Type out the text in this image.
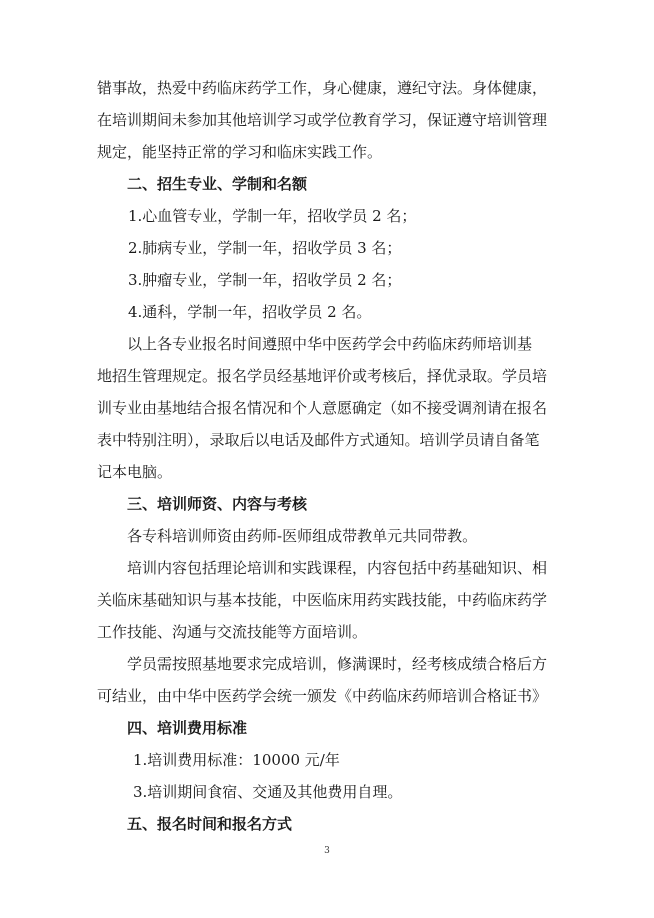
错事故，热爱中药临床药学工作，身心健康，遵纪守法。身体健康，

在培训期间未参加其他培训学习或学位教育学习，保证遵守培训管理

规定，能坚持正常的学习和临床实践工作。

二、招生专业、学制和名额

1.心血管专业，学制一年，招收学员 2 名；

2.肺病专业，学制一年，招收学员 3 名；

3.肿瘤专业，学制一年，招收学员 2 名；

4.通科，学制一年，招收学员 2 名。

以上各专业报名时间遵照中华中医药学会中药临床药师培训基

地招生管理规定。报名学员经基地评价或考核后，择优录取。学员培

训专业由基地结合报名情况和个人意愿确定（如不接受调剂请在报名

表中特别注明），录取后以电话及邮件方式通知。培训学员请自备笔

记本电脑。

三、培训师资、内容与考核

各专科培训师资由药师-医师组成带教单元共同带教。

培训内容包括理论培训和实践课程，内容包括中药基础知识、相

关临床基础知识与基本技能，中医临床用药实践技能，中药临床药学

工作技能、沟通与交流技能等方面培训。

学员需按照基地要求完成培训，修满课时，经考核成绩合格后方

可结业，由中华中医药学会统一颁发《中药临床药师培训合格证书》

四、培训费用标准

1.培训费用标准：10000 元/年

3.培训期间食宿、交通及其他费用自理。

五、报名时间和报名方式

3
